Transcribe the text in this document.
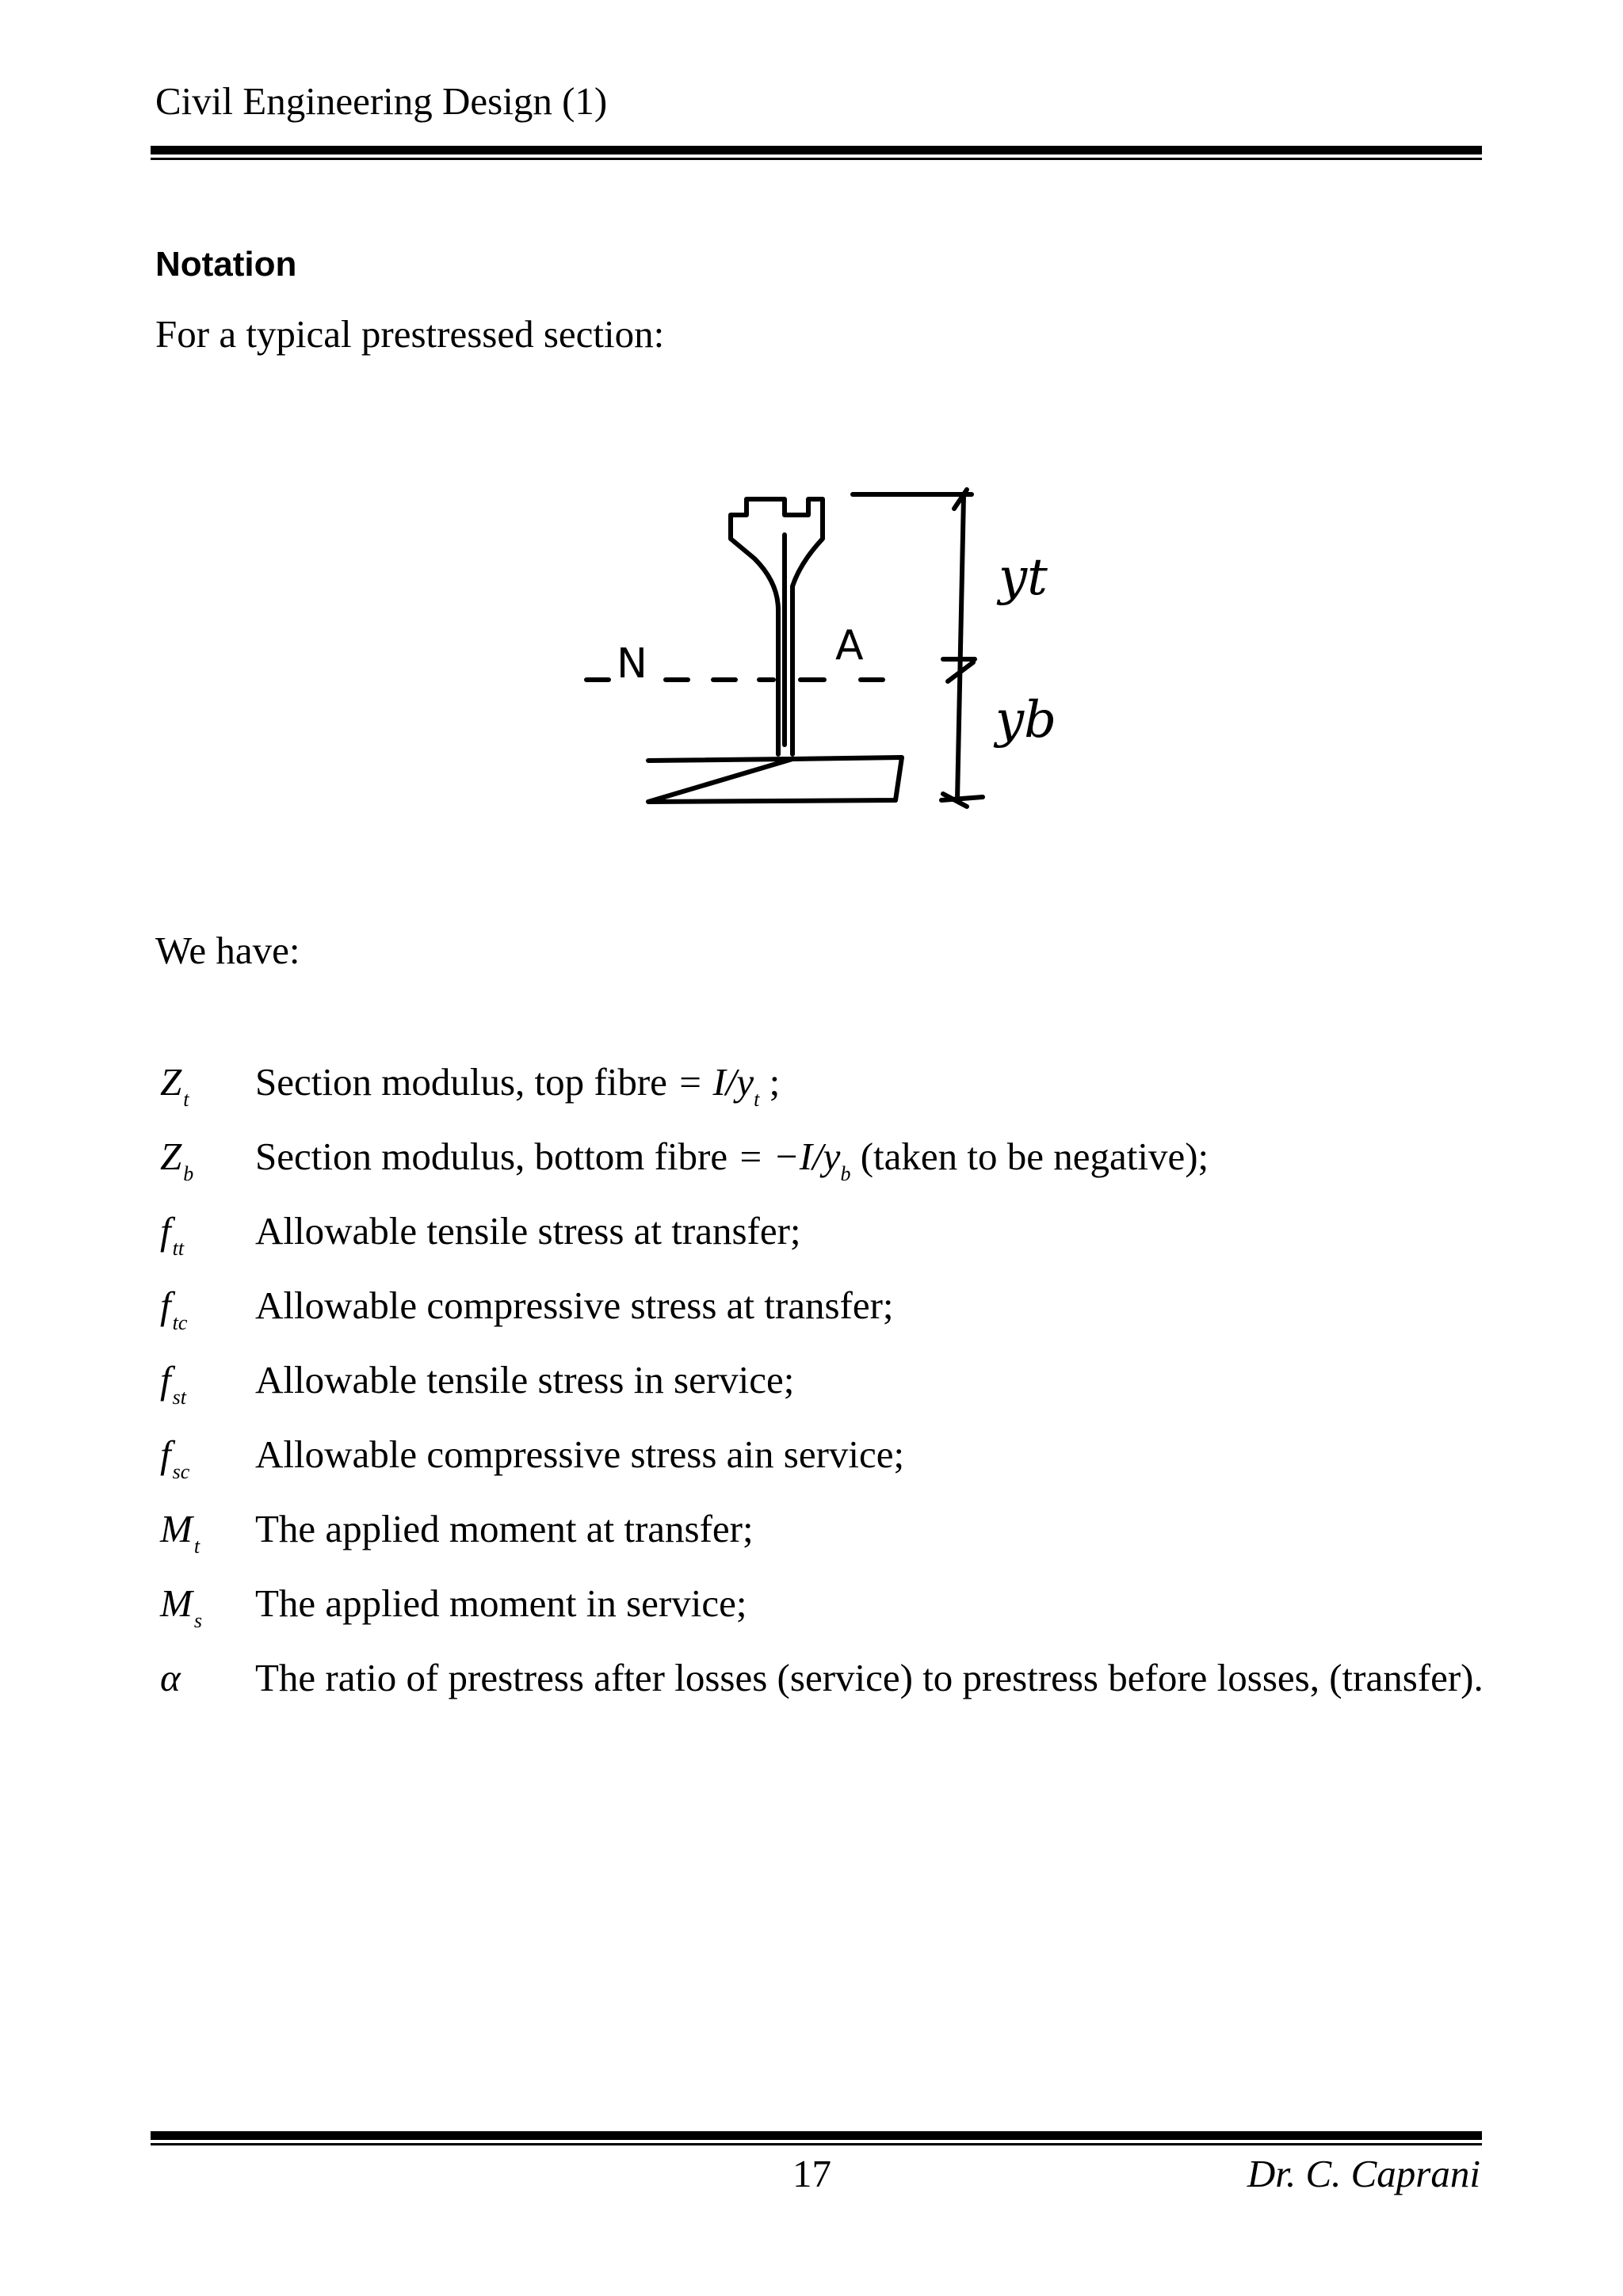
Civil Engineering Design (1)
Notation
For a typical prestressed section:
N	A
yt
yb
We have:
$Z_t$ Section modulus, top fibre = $I/y_t$ ;
$Z_b$ Section modulus, bottom fibre = $-I/y_b$ (taken to be negative);
$f_{tt}$ Allowable tensile stress at transfer;
$f_{tc}$ Allowable compressive stress at transfer;
$f_{st}$ Allowable tensile stress in service;
$f_{sc}$ Allowable compressive stress ain service;
$M_t$ The applied moment at transfer;
$M_s$ The applied moment in service;
α The ratio of prestress after losses (service) to prestress before losses, (transfer).
17	Dr. C. Caprani
